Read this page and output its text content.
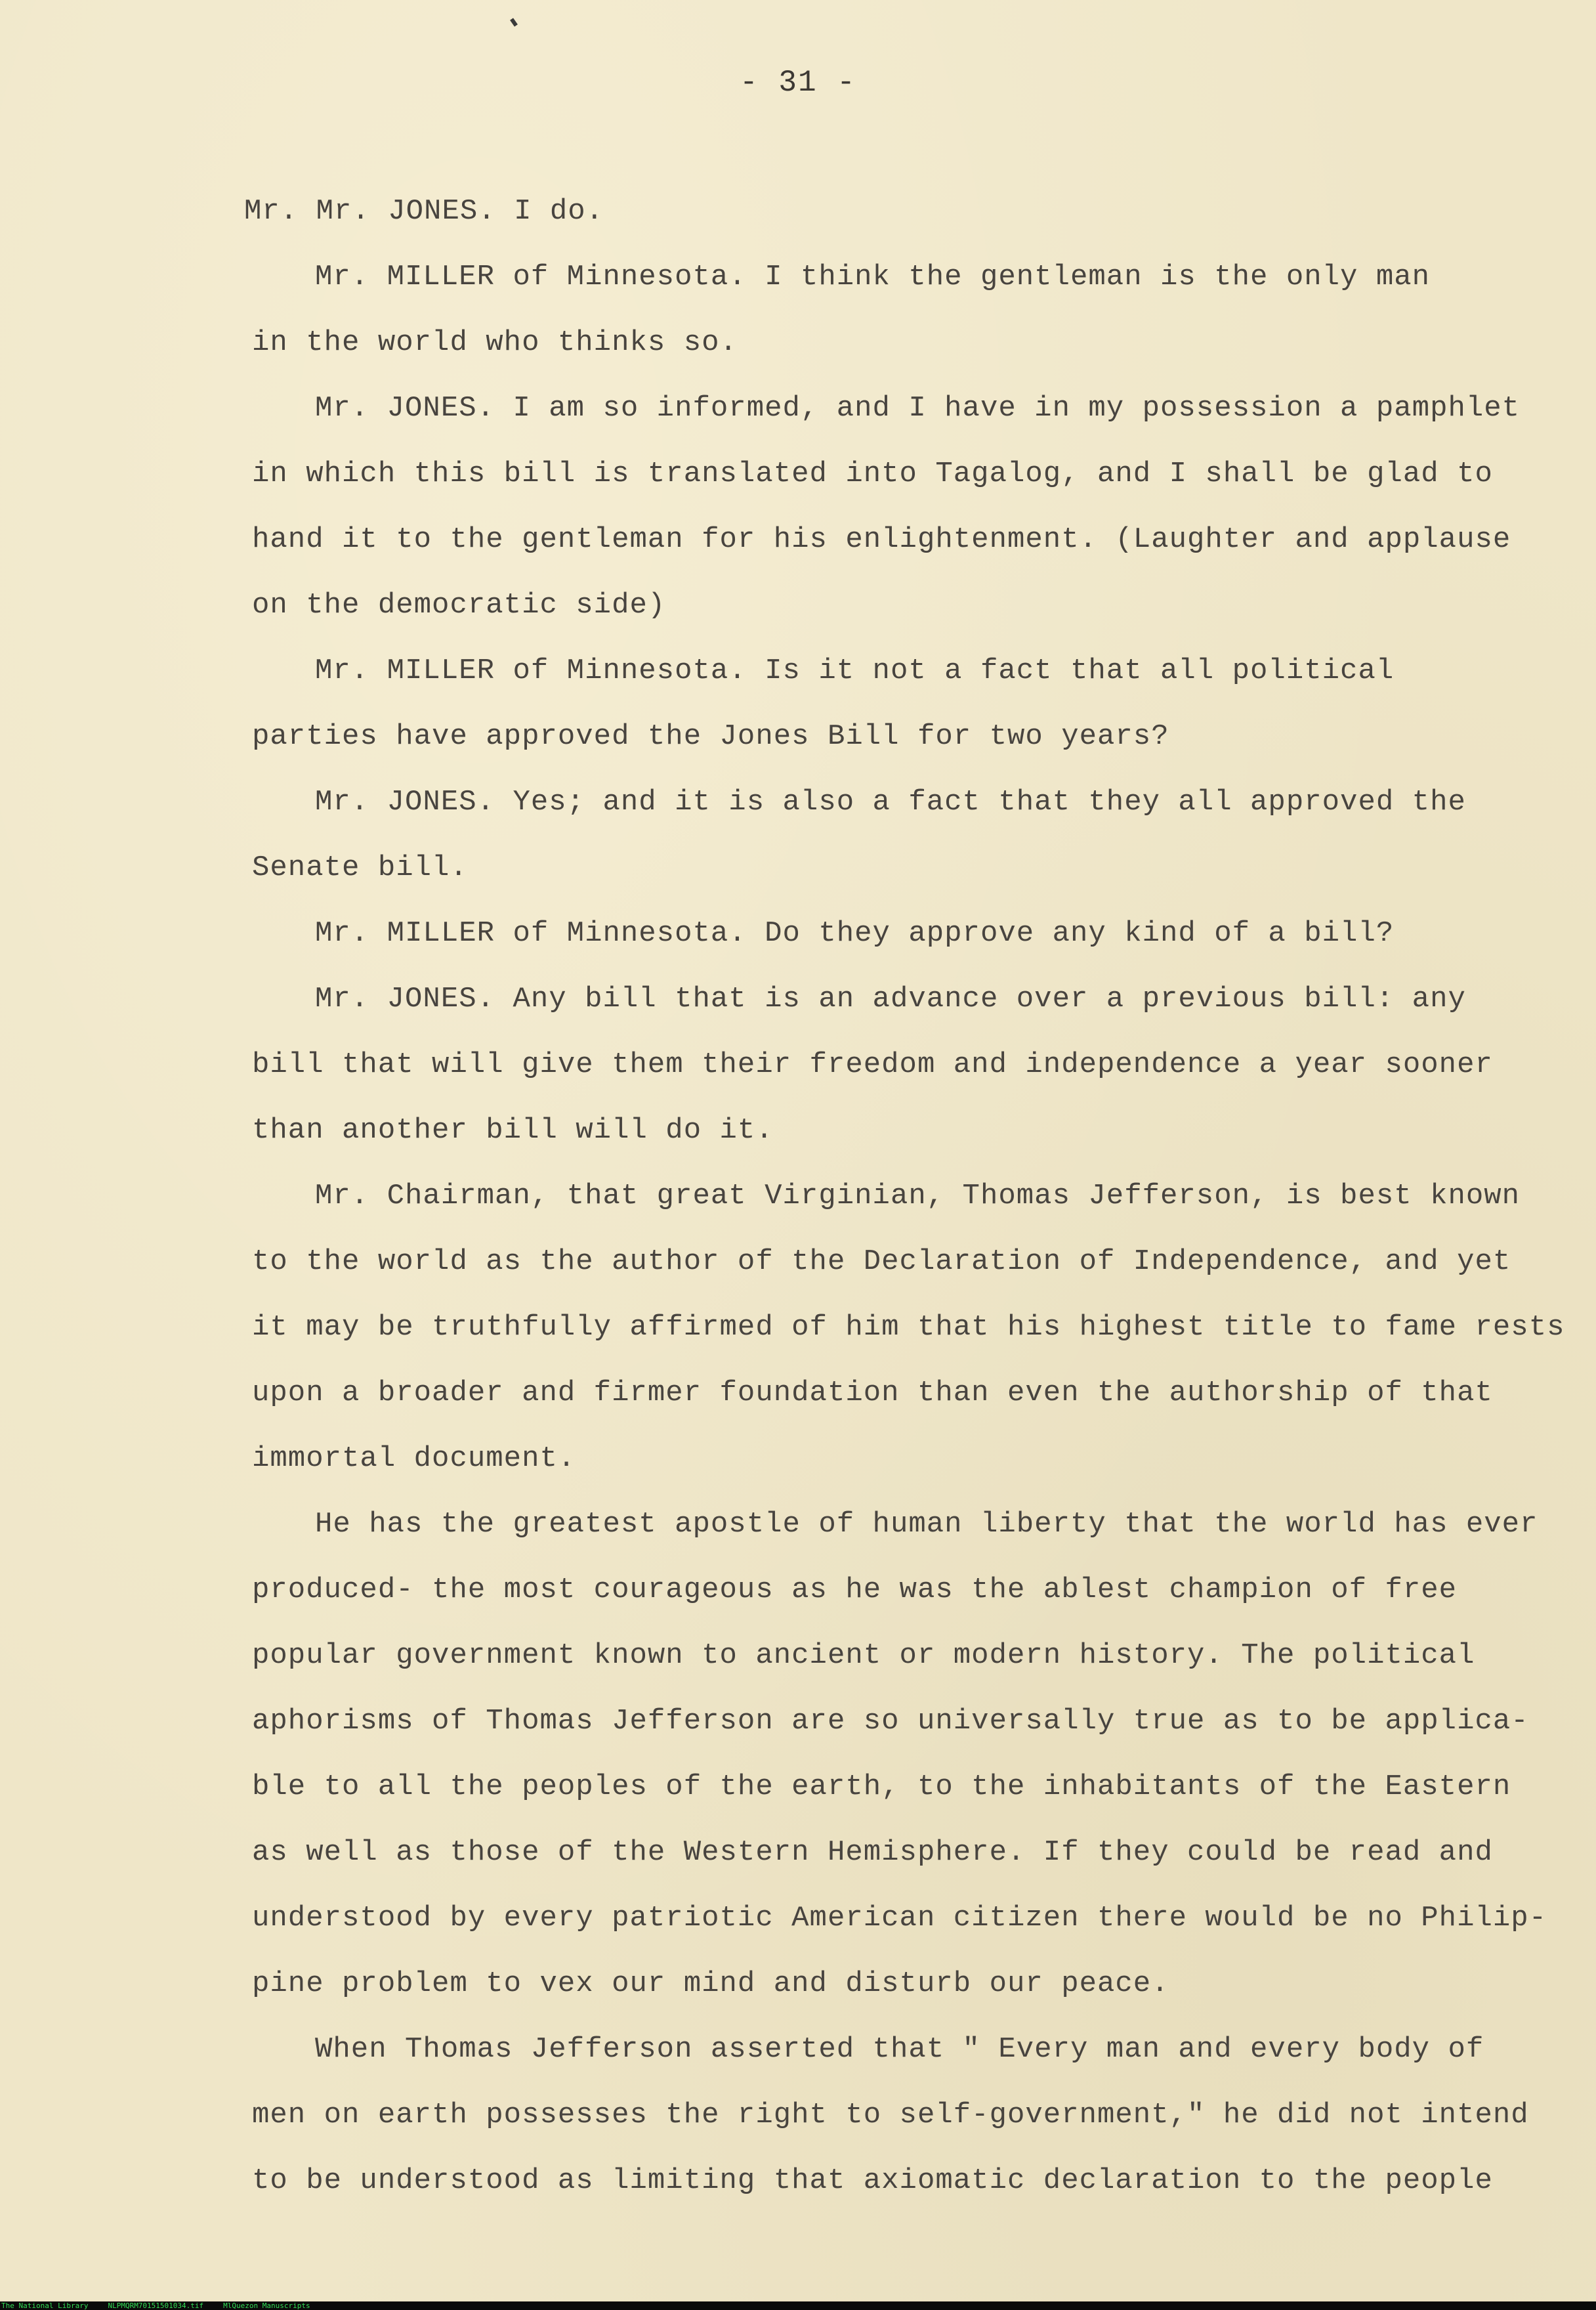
- 31 -
Mr. Mr. JONES. I do.
Mr. MILLER of Minnesota. I think the gentleman is the only man
in the world who thinks so.
Mr. JONES. I am so informed, and I have in my possession a pamphlet
in which this bill is translated into Tagalog, and I shall be glad to
hand it to the gentleman for his enlightenment. (Laughter and applause
on the democratic side)
Mr. MILLER of Minnesota. Is it not a fact that all political
parties have approved the Jones Bill for two years?
Mr. JONES. Yes; and it is also a fact that they all approved the
Senate bill.
Mr. MILLER of Minnesota. Do they approve any kind of a bill?
Mr. JONES. Any bill that is an advance over a previous bill: any
bill that will give them their freedom and independence a year sooner
than another bill will do it.
Mr. Chairman, that great Virginian, Thomas Jefferson, is best known
to the world as the author of the Declaration of Independence, and yet
it may be truthfully affirmed of him that his highest title to fame rests
upon a broader and firmer foundation than even the authorship of that
immortal document.
He has the greatest apostle of human liberty that the world has ever
produced- the most courageous as he was the ablest champion of free
popular government known to ancient or modern history. The political
aphorisms of Thomas Jefferson are so universally true as to be applica-
ble to all the peoples of the earth, to the inhabitants of the Eastern
as well as those of the Western Hemisphere. If they could be read and
understood by every patriotic American citizen there would be no Philip-
pine problem to vex our mind and disturb our peace.
When Thomas Jefferson asserted that " Every man and every body of
men on earth possesses the right to self-government," he did not intend
to be understood as limiting that axiomatic declaration to the people
The National Library	NLPMQRM70151501034.tif	MlQuezon Manuscripts
